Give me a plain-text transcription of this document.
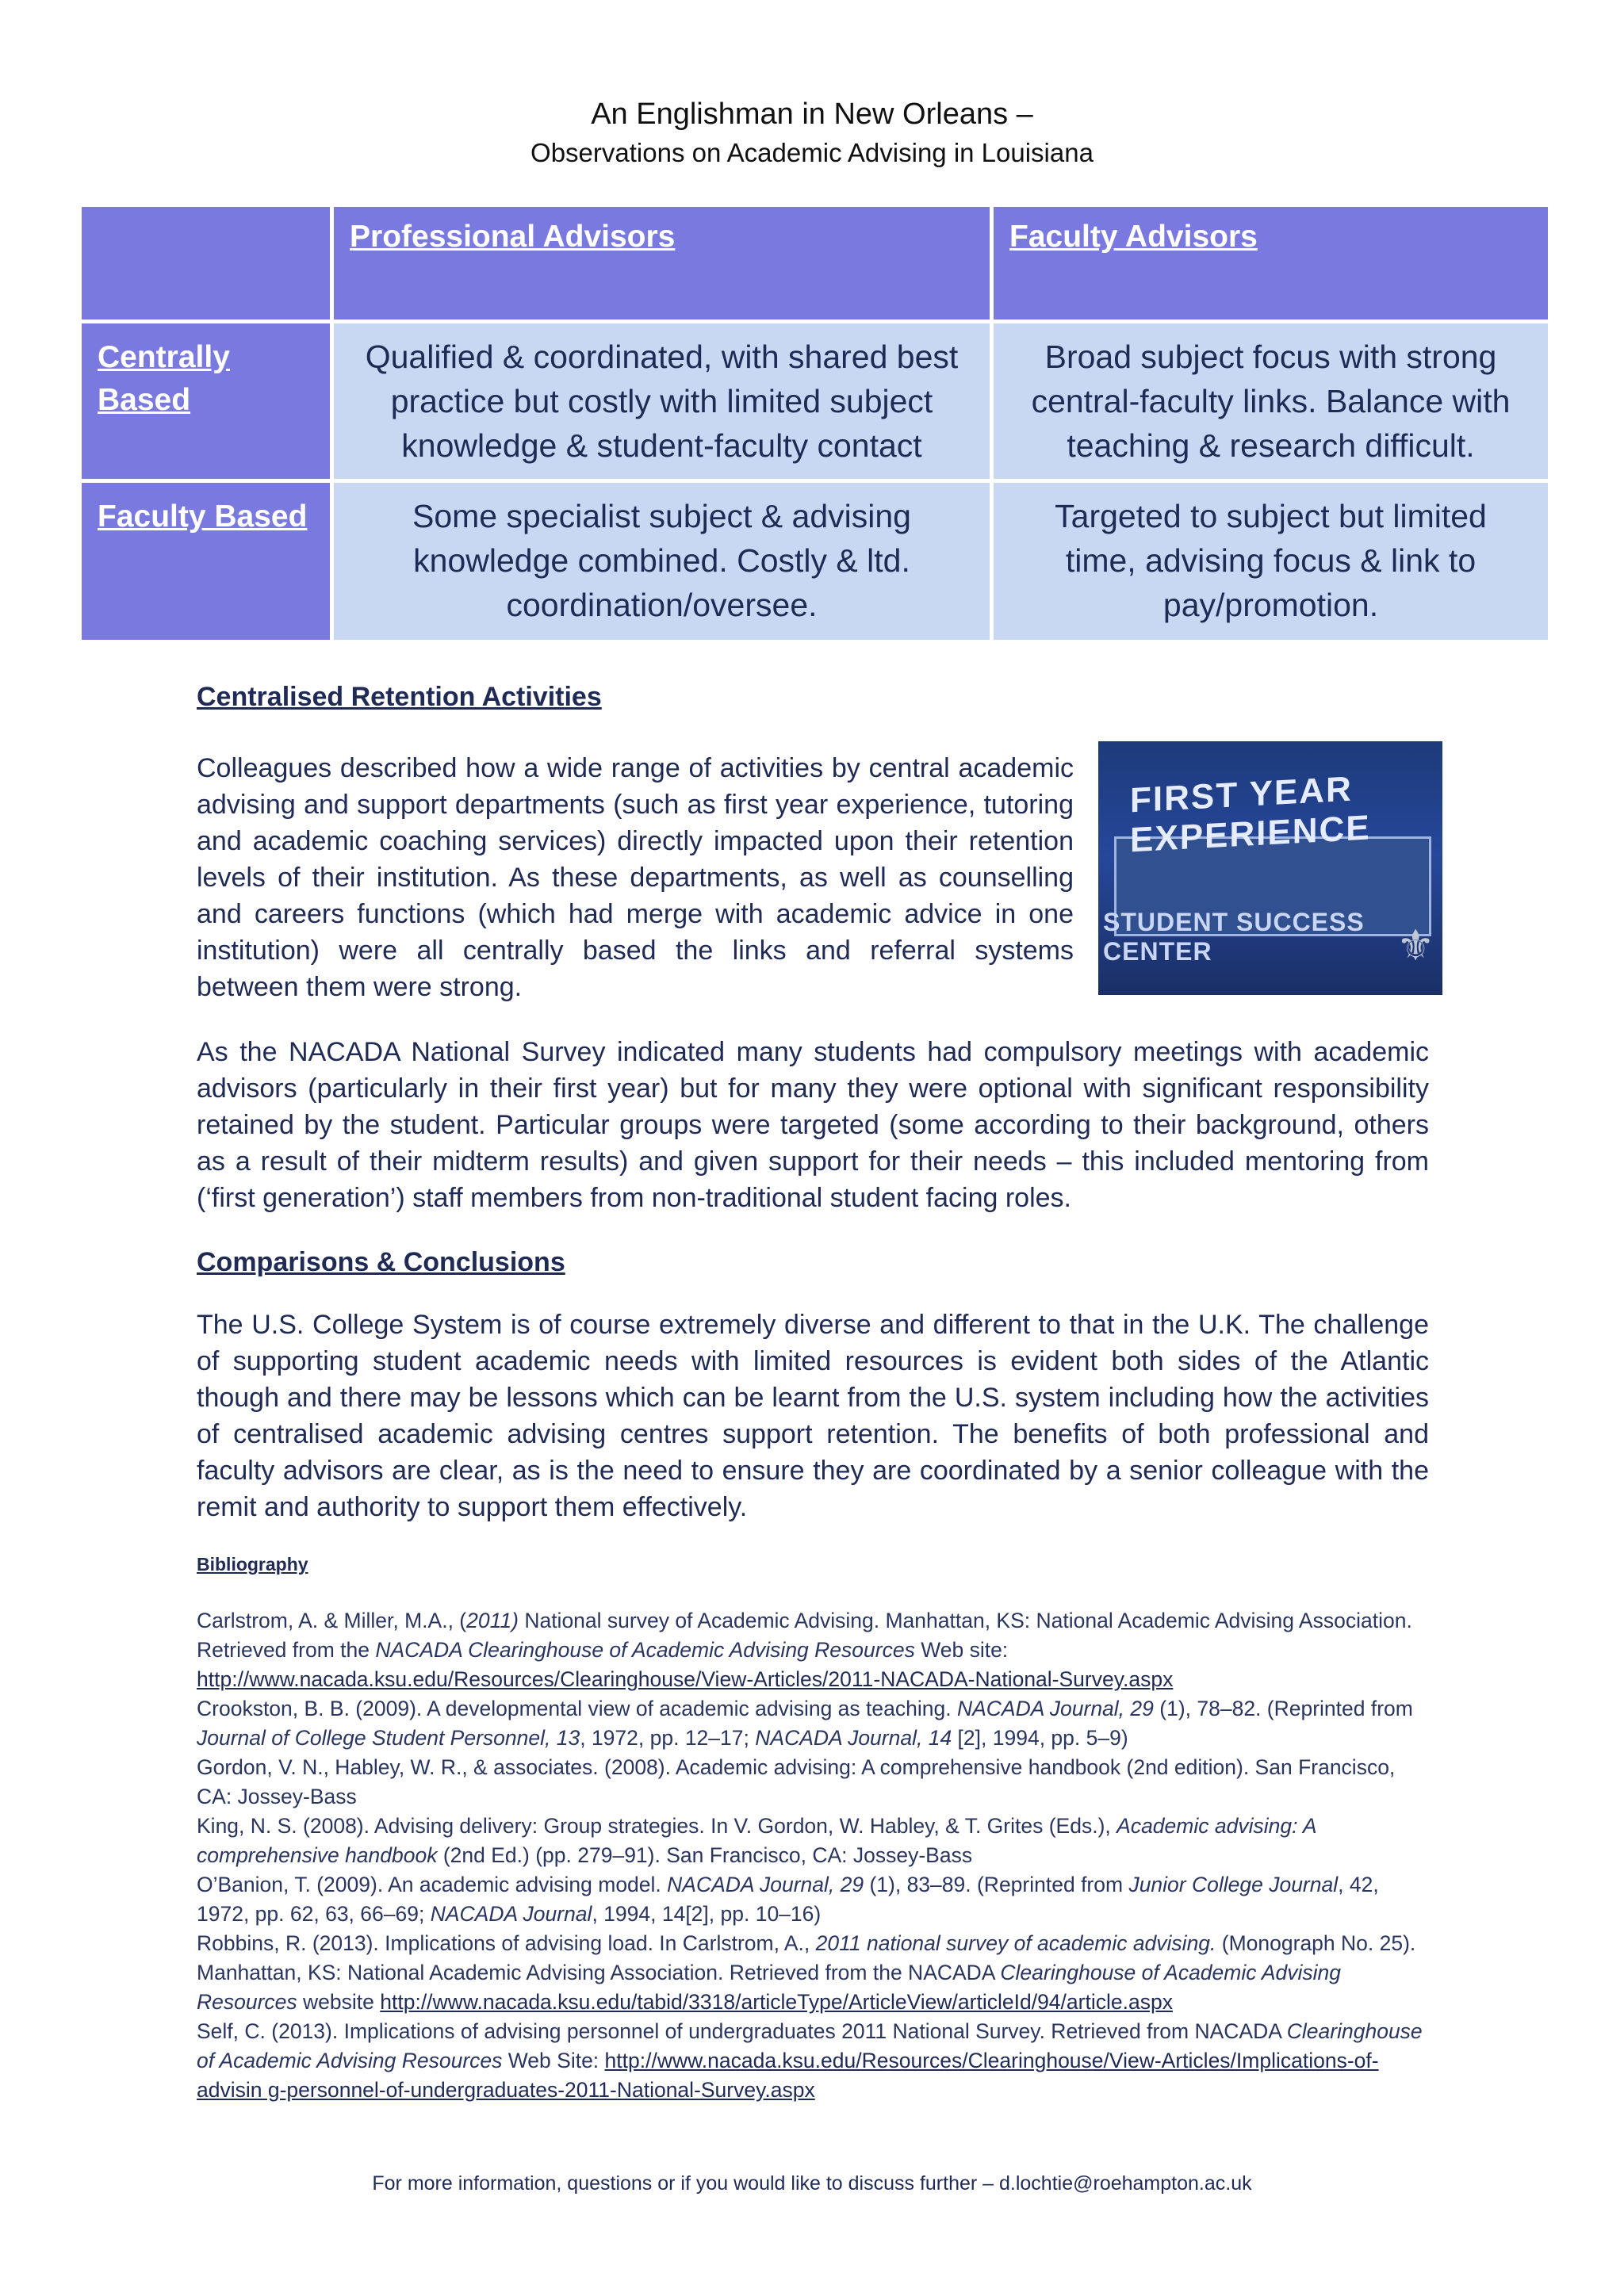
An Englishman in New Orleans –
Observations on Academic Advising in Louisiana

	Professional Advisors	Faculty Advisors

Centrally Based	Qualified & coordinated, with shared best practice but costly with limited subject knowledge & student-faculty contact	Broad subject focus with strong central-faculty links. Balance with teaching & research difficult.

Faculty Based	Some specialist subject & advising knowledge combined. Costly & ltd. coordination/oversee.	Targeted to subject but limited time, advising focus & link to pay/promotion.
Centralised Retention Activities
Colleagues described how a wide range of activities by central academic advising and support departments (such as first year experience, tutoring and academic coaching services) directly impacted upon their retention levels of their institution. As these departments, as well as counselling and careers functions (which had merge with academic advice in one institution) were all centrally based the links and referral systems between them were strong.
FIRST YEAR EXPERIENCE
STUDENT SUCCESS CENTER	⚜
As the NACADA National Survey indicated many students had compulsory meetings with academic advisors (particularly in their first year) but for many they were optional with significant responsibility retained by the student. Particular groups were targeted (some according to their background, others as a result of their midterm results) and given support for their needs – this included mentoring from (‘first generation’) staff members from non-traditional student facing roles.
Comparisons & Conclusions
The U.S. College System is of course extremely diverse and different to that in the U.K. The challenge of supporting student academic needs with limited resources is evident both sides of the Atlantic though and there may be lessons which can be learnt from the U.S. system including how the activities of centralised academic advising centres support retention. The benefits of both professional and faculty advisors are clear, as is the need to ensure they are coordinated by a senior colleague with the remit and authority to support them effectively.
Bibliography
Carlstrom, A. & Miller, M.A., (2011) National survey of Academic Advising. Manhattan, KS: National Academic Advising Association. Retrieved from the NACADA Clearinghouse of Academic Advising Resources Web site: http://www.nacada.ksu.edu/Resources/Clearinghouse/View-Articles/2011-NACADA-National-Survey.aspx
Crookston, B. B. (2009). A developmental view of academic advising as teaching. NACADA Journal, 29 (1), 78–82. (Reprinted from Journal of College Student Personnel, 13, 1972, pp. 12–17; NACADA Journal, 14 [2], 1994, pp. 5–9)
Gordon, V. N., Habley, W. R., & associates. (2008). Academic advising: A comprehensive handbook (2nd edition). San Francisco, CA: Jossey-Bass
King, N. S. (2008). Advising delivery: Group strategies. In V. Gordon, W. Habley, & T. Grites (Eds.), Academic advising: A comprehensive handbook (2nd Ed.) (pp. 279–91). San Francisco, CA: Jossey-Bass
O’Banion, T. (2009). An academic advising model. NACADA Journal, 29 (1), 83–89. (Reprinted from Junior College Journal, 42, 1972, pp. 62, 63, 66–69; NACADA Journal, 1994, 14[2], pp. 10–16)
Robbins, R. (2013). Implications of advising load. In Carlstrom, A., 2011 national survey of academic advising. (Monograph No. 25). Manhattan, KS: National Academic Advising Association. Retrieved from the NACADA Clearinghouse of Academic Advising Resources website http://www.nacada.ksu.edu/tabid/3318/articleType/ArticleView/articleId/94/article.aspx
Self, C. (2013). Implications of advising personnel of undergraduates 2011 National Survey. Retrieved from NACADA Clearinghouse of Academic Advising Resources Web Site: http://www.nacada.ksu.edu/Resources/Clearinghouse/View-Articles/Implications-of-advisin g-personnel-of-undergraduates-2011-National-Survey.aspx
For more information, questions or if you would like to discuss further – d.lochtie@roehampton.ac.uk
